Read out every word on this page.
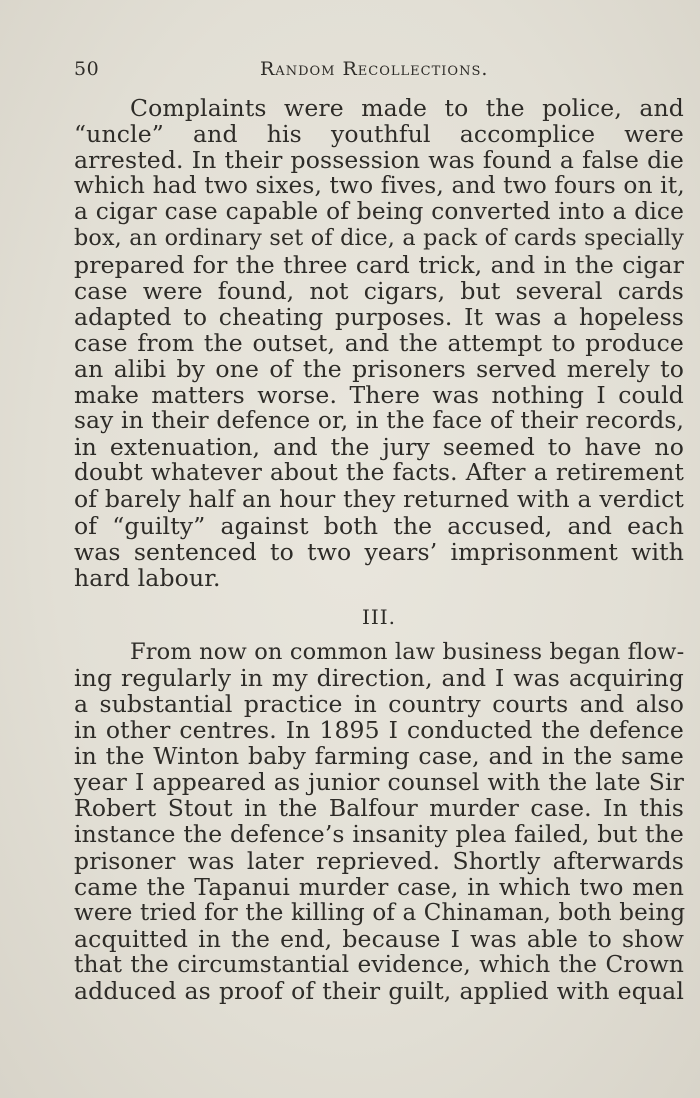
50	Random Recollections.
Complaints were made to the police, and
“uncle” and his youthful accomplice were
arrested. In their possession was found a false die
which had two sixes, two fives, and two fours on it,
a cigar case capable of being converted into a dice
box, an ordinary set of dice, a pack of cards specially
prepared for the three card trick, and in the cigar
case were found, not cigars, but several cards
adapted to cheating purposes. It was a hopeless
case from the outset, and the attempt to produce
an alibi by one of the prisoners served merely to
make matters worse. There was nothing I could
say in their defence or, in the face of their records,
in extenuation, and the jury seemed to have no
doubt whatever about the facts. After a retirement
of barely half an hour they returned with a verdict
of “guilty” against both the accused, and each
was sentenced to two years’ imprisonment with
hard labour.
III.
From now on common law business began flow-
ing regularly in my direction, and I was acquiring
a substantial practice in country courts and also
in other centres. In 1895 I conducted the defence
in the Winton baby farming case, and in the same
year I appeared as junior counsel with the late Sir
Robert Stout in the Balfour murder case. In this
instance the defence’s insanity plea failed, but the
prisoner was later reprieved. Shortly afterwards
came the Tapanui murder case, in which two men
were tried for the killing of a Chinaman, both being
acquitted in the end, because I was able to show
that the circumstantial evidence, which the Crown
adduced as proof of their guilt, applied with equal
